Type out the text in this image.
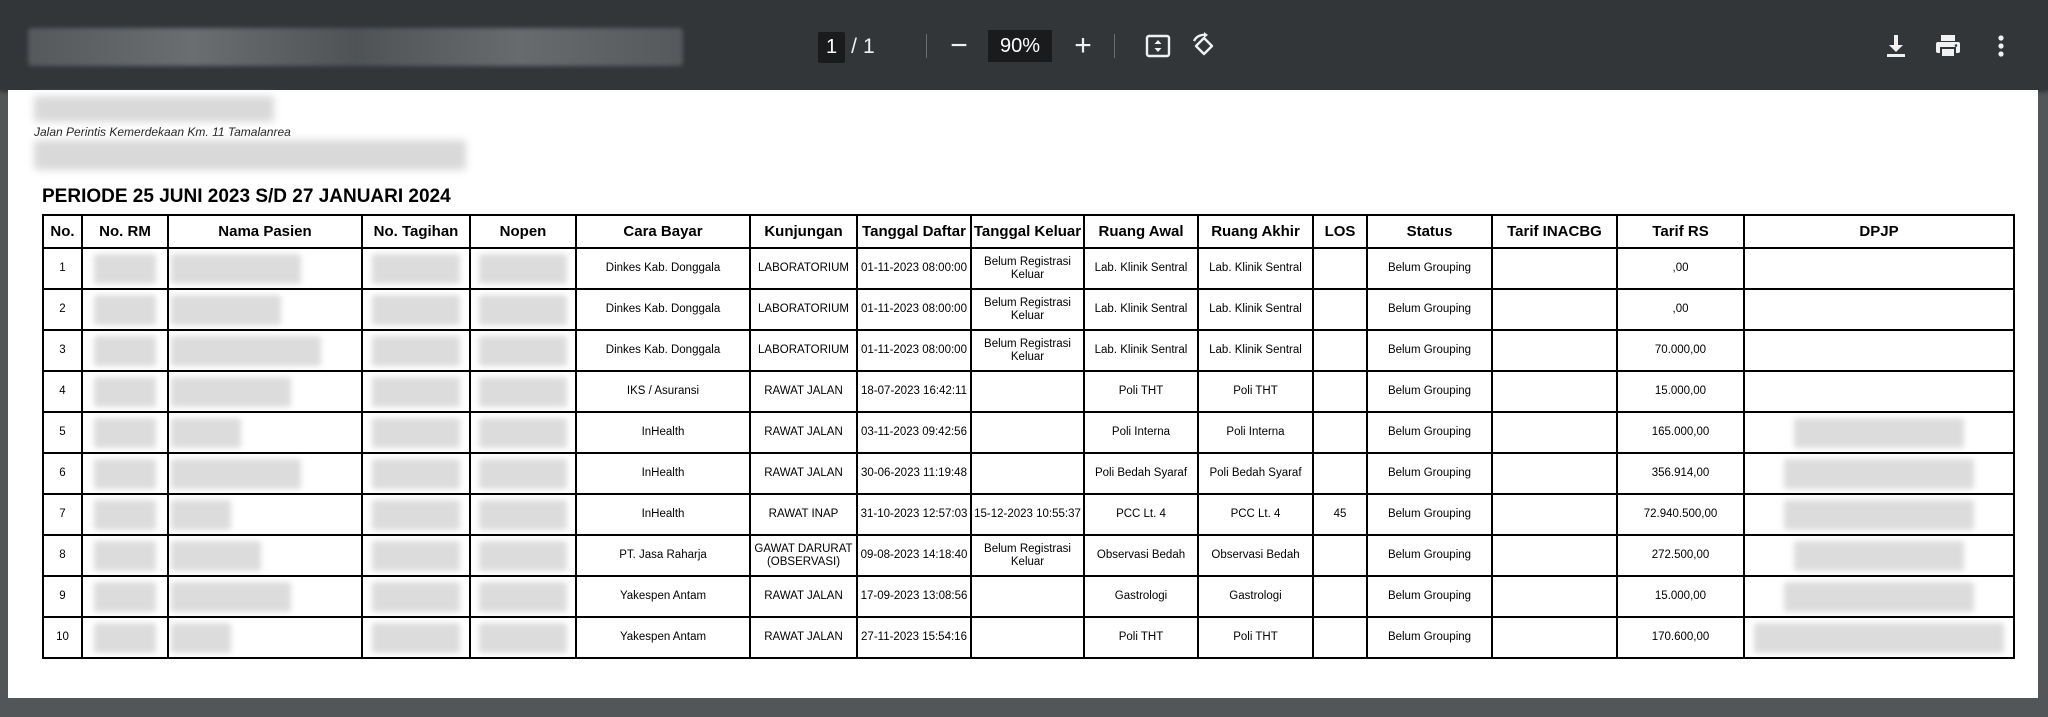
1 / 1	−	90%	+
Jalan Perintis Kemerdekaan Km. 11 Tamalanrea
PERIODE 25 JUNI 2023 S/D 27 JANUARI 2024
No.	No. RM	Nama Pasien	No. Tagihan	Nopen	Cara Bayar	Kunjungan	Tanggal Daftar	Tanggal Keluar	Ruang Awal	Ruang Akhir	LOS	Status	Tarif INACBG	Tarif RS	DPJP
1					Dinkes Kab. Donggala	LABORATORIUM	01-11-2023 08:00:00	Belum Registrasi Keluar	Lab. Klinik Sentral	Lab. Klinik Sentral		Belum Grouping		,00	
2					Dinkes Kab. Donggala	LABORATORIUM	01-11-2023 08:00:00	Belum Registrasi Keluar	Lab. Klinik Sentral	Lab. Klinik Sentral		Belum Grouping		,00	
3					Dinkes Kab. Donggala	LABORATORIUM	01-11-2023 08:00:00	Belum Registrasi Keluar	Lab. Klinik Sentral	Lab. Klinik Sentral		Belum Grouping		70.000,00	
4					IKS / Asuransi	RAWAT JALAN	18-07-2023 16:42:11		Poli THT	Poli THT		Belum Grouping		15.000,00	
5					InHealth	RAWAT JALAN	03-11-2023 09:42:56		Poli Interna	Poli Interna		Belum Grouping		165.000,00	

6					InHealth	RAWAT JALAN	30-06-2023 11:19:48		Poli Bedah Syaraf	Poli Bedah Syaraf		Belum Grouping		356.914,00	

7					InHealth	RAWAT INAP	31-10-2023 12:57:03	15-12-2023 10:55:37	PCC Lt. 4	PCC Lt. 4	45	Belum Grouping		72.940.500,00	

8					PT. Jasa Raharja	GAWAT DARURAT (OBSERVASI)	09-08-2023 14:18:40	Belum Registrasi Keluar	Observasi Bedah	Observasi Bedah		Belum Grouping		272.500,00	

9					Yakespen Antam	RAWAT JALAN	17-09-2023 13:08:56		Gastrologi	Gastrologi		Belum Grouping		15.000,00	

10					Yakespen Antam	RAWAT JALAN	27-11-2023 15:54:16		Poli THT	Poli THT		Belum Grouping		170.600,00	
